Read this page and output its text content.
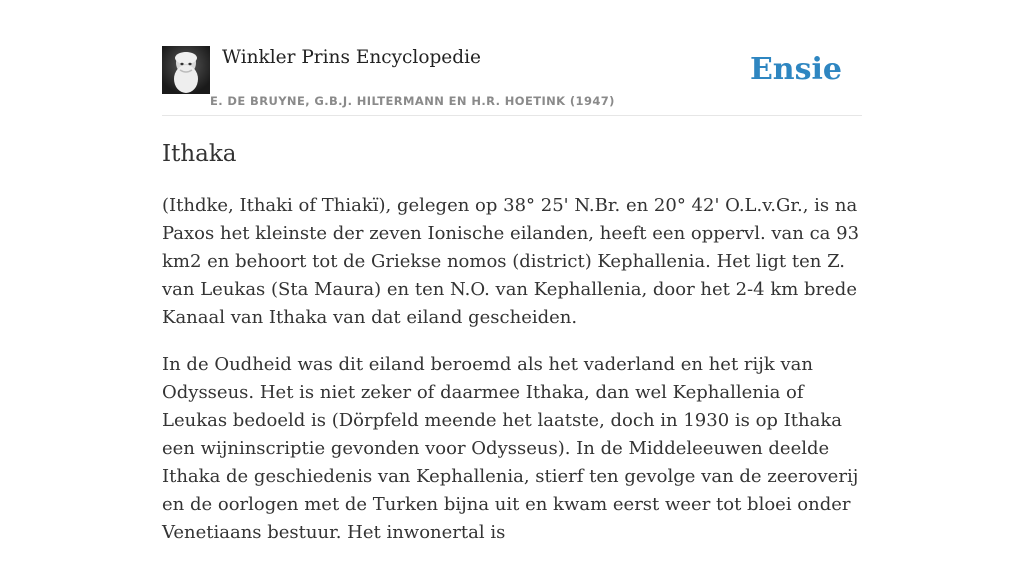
Winkler Prins Encyclopedie
E. DE BRUYNE, G.B.J. HILTERMANN EN H.R. HOETINK (1947)
Ensie
Ithaka

(Ithdke, Ithaki of Thiakï), gelegen op 38° 25' N.Br. en 20° 42' O.L.v.Gr., is na Paxos het kleinste der zeven Ionische eilanden, heeft een oppervl. van ca 93 km2 en behoort tot de Griekse nomos (district) Kephallenia. Het ligt ten Z. van Leukas (Sta Maura) en ten N.O. van Kephallenia, door het 2-4 km brede Kanaal van Ithaka van dat eiland gescheiden.

In de Oudheid was dit eiland beroemd als het vaderland en het rijk van Odysseus. Het is niet zeker of daarmee Ithaka, dan wel Kephallenia of Leukas bedoeld is (Dörpfeld meende het laatste, doch in 1930 is op Ithaka een wijninscriptie gevonden voor Odysseus). In de Middeleeuwen deelde Ithaka de geschiedenis van Kephallenia, stierf ten gevolge van de zeeroverij en de oorlogen met de Turken bijna uit en kwam eerst weer tot bloei onder Venetiaans bestuur. Het inwonertal is
